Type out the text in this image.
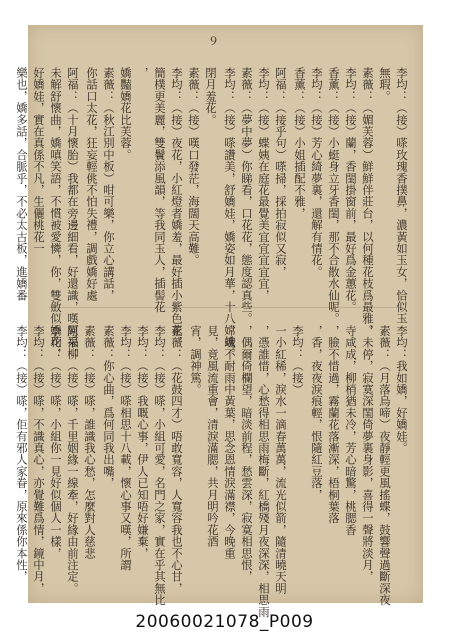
９
李均：（接）嗏玫瑰香撲鼻，濃黃如玉女，恰似玉
無瑕。
素薇：（媚芙蓉）鮮鮮伴莊台，以何種花枝爲最雅。
李均：（接）蘭，香閨掛窗前，最好爲金蕙花。
香薰：（接）小蜓身立牙香閨，那不合散水仙呢。
李均：（接）芳心綺夢裏，還解有情花。
香薰：（接）小姐插配不雅，
阿福：（接乎句）嗏掃，採拍寂似又寂，
李均：（接）蝶姨在庭花最覺美宜宜宜宜宜，
素薇：（夢中夢）你睇看，口花花，態度認真些。
李均：（接）嗏讚美，舒嬌娃，嬌姿如月華，十八嫦娥。
閉月羞花。
素薇：（接）嘆口發茫，海闊天高難。
李均：（接）夜花，小紅燈者嬌羞，最好插小紫色花，
簡樸更美麗，雙鬢添風韻，等我同玉人，插髻花
，
嬌豔嬌花比芙蓉。
素薇：（秋江別中板）咁可樂，你立心講話，
你話口太花，狂妄輕佻不怕失禮，調戲嬌好處
阿福：（十月懷胎）我都在旁邊細看，好還識，嘆原采柳
未解舒懷曲，嬌嗔笑語，不慣被愛憐，你，雙斂似嬌花，
好嬌娃，實在真係不凡，生儷桃花一
樂也，嬌多話，合脈乎，不必太古板，進嬌番
李均：我如嬌，好嬌娃。
素薇：（月落烏啼）夜靜輕更風搖蝶，鼓響聲過斷深夜
，未停，寂寞深閨倚夢裏身影，喜得一聲將淡月，
寺咸成，柳梢猶未冷，芳心暗驚，桃腮香
，臉不惜過，霧蘭花落漸深，梧桐葉落
，香，夜夜淚痕輕，恨隨紅豆落，
李均：（接）
一小紅稀，淚水一滴春萬萬，流光似箭，隨清曉天明
，憑誰惜，心愁得相思雨梅斷，紅橋殘月夜深深，相思雨
，偶爾倚欄望，暗淡前程，愁雲深，寂寞相思恨，
，魂不耐雨中黃葉，思念恩情淚滿襟，今晚重
見，竟風流重會，清淚滿腮，共月明吟花酒
宵，調神篤。
素薇：（花鼓四才）唔敢寬容，人寬容我也不心甘，
李均：（接）嗏，小組可愛，名門之家，實在乎其無比
李均：（接）我嘅心事，伊人已知唔好嫌棄，
李均：（接）嗏相思十八載，懷心事又嘆，所謂
素薇：你心曲，爲何同我出嘴，
素薇：（接）嗏，誰識我心愁，怎麼對人慈悲
阿福：（接）嗏，千里姻緣一線牽，好緣由前注定。
李均：（接）嗏，小組你一見好似個人一樣，
李均：（接）嗏，不識真心，亦覺難爲情，鏡中月，
李均：（接）嗏，佢有邪人家眷，原來係你本性，
20060021078_P009
